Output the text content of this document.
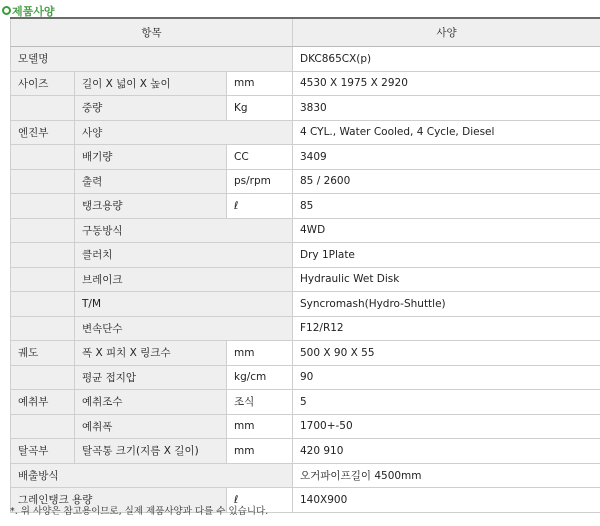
제품사양
항목			사양
모델명			DKC865CX(p)
사이즈	길이 X 넓이 X 높이	mm	4530 X 1975 X 2920
	중량	Kg	3830
엔진부	사양		4 CYL., Water Cooled, 4 Cycle, Diesel
	배기량	CC	3409
	출력	ps/rpm	85 / 2600
	탱크용량	ℓ	85
	구동방식		4WD
	클러치		Dry 1Plate
	브레이크		Hydraulic Wet Disk
	T/M		Syncromash(Hydro-Shuttle)
	변속단수		F12/R12
궤도	폭 X 피치 X 링크수	mm	500 X 90 X 55
	평균 접지압	kg/cm	90
예취부	예취조수	조식	5
	예취폭	mm	1700+-50
탈곡부	탈곡통 크기(지름 X 길이)	mm	420 910
배출방식			오거파이프길이 4500mm
그레인탱크 용량		ℓ	140X900
*. 위 사양은 참고용이므로, 실제 제품사양과 다를 수 있습니다.
